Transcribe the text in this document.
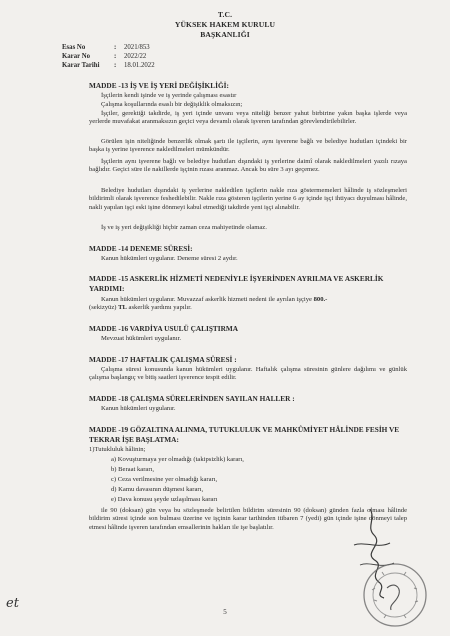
T.C.
YÜKSEK HAKEM KURULU
BAŞKANLIĞI
Esas No	: 2021/853
Karar No	: 2022/22
Karar Tarihi : 18.01.2022
MADDE -13 İŞ VE İŞ YERİ DEĞİŞİKLİĞİ:

İşçilerin kendi işinde ve iş yerinde çalışması esastır

Çalışma koşullarında esaslı bir değişiklik olmaksızın;

İşçiler, gerektiği takdirde, iş yeri içinde unvanı veya niteliği benzer yahut birbirine yakın başka işlerde veya yerlerde muvafakat aranmaksızın geçici veya devamlı olarak işveren tarafından görevlendirilebilirler.

Görülen işin niteliğinde benzerlik olmak şartı ile işçilerin, aynı işverene bağlı ve belediye hudutları içindeki bir başka iş yerine işverence nakledilmeleri mümkündür.

İşçilerin aynı işverene bağlı ve belediye hudutları dışındaki iş yerlerine daimî olarak nakledilmeleri yazılı rızaya bağlıdır. Geçici süre ile nakillerde işçinin rızası aranmaz. Ancak bu süre 3 ayı geçemez.

Belediye hudutları dışındaki iş yerlerine nakledilen işçilerin nakle rıza göstermemeleri hâlinde iş sözleşmeleri bildirimli olarak işverence feshedilebilir. Nakle rıza gösteren işçilerin yerine 6 ay içinde işçi ihtiyacı duyulması hâlinde, nakli yapılan işçi eski işine dönmeyi kabul etmediği takdirde yeni işçi alınabilir.

İş ve iş yeri değişikliği hiçbir zaman ceza mahiyetinde olamaz.

MADDE -14 DENEME SÜRESİ:

Kanun hükümleri uygulanır. Deneme süresi 2 aydır.

MADDE -15 ASKERLİK HİZMETİ NEDENİYLE İŞYERİNDEN AYRILMA VE ASKERLİK YARDIMI:

Kanun hükümleri uygulanır. Muvazzaf askerlik hizmeti nedeni ile ayrılan işçiye 800.-
(sekizyüz) TL askerlik yardımı yapılır.

MADDE -16 VARDİYA USULÜ ÇALIŞTIRMA

Mevzuat hükümleri uygulanır.

MADDE -17 HAFTALIK ÇALIŞMA SÜRESİ :

Çalışma süresi konusunda kanun hükümleri uygulanır. Haftalık çalışma süresinin günlere dağılımı ve günlük çalışma başlangıç ve bitiş saatleri işverence tespit edilir.

MADDE -18 ÇALIŞMA SÜRELERİNDEN SAYILAN HALLER :

Kanun hükümleri uygulanır.

MADDE -19 GÖZALTINA ALINMA, TUTUKLULUK VE MAHKÛMİYET HÂLİNDE FESİH VE TEKRAR İŞE BAŞLATMA:

1)Tutukluluk hâlinin;

a) Kovuşturmaya yer olmadığı (takipsizlik) kararı,

b) Beraat kararı,

c) Ceza verilmesine yer olmadığı kararı,

d) Kamu davasının düşmesi kararı,

e) Dava konusu şeyde uzlaşılması kararı

ile 90 (doksan) gün veya bu sözleşmede belirtilen bildirim süresinin 90 (doksan) günden fazla olması hâlinde bildirim süresi içinde son bulması üzerine ve işçinin karar tarihinden itibaren 7 (yedi) gün içinde işine dönmeyi talep etmesi hâlinde işveren tarafından emsallerinin hakları ile işe başlatılır.

et
5
